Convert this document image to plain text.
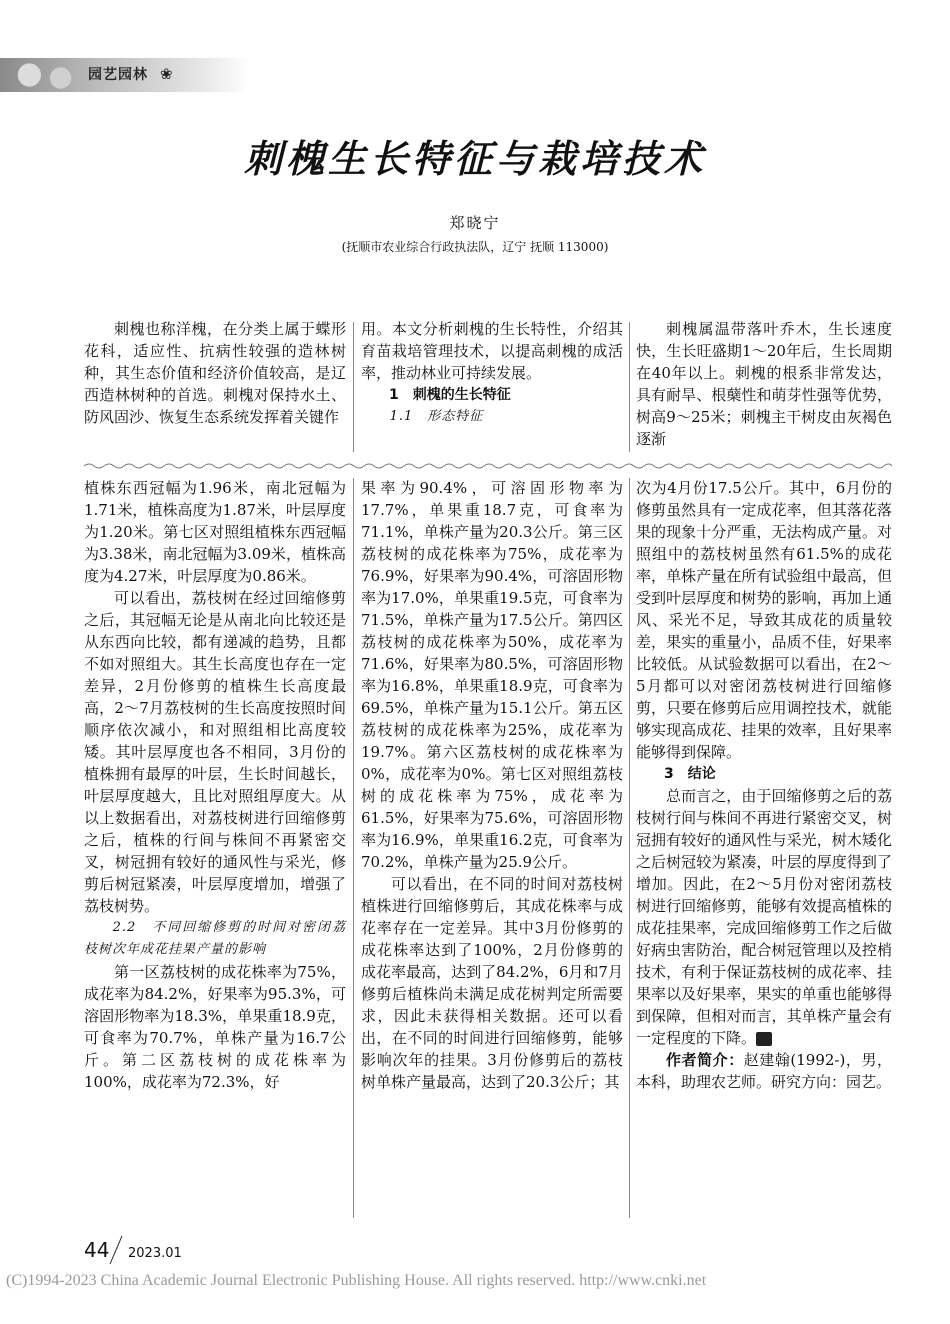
园艺园林 ❀
刺槐生长特征与栽培技术
郑晓宁
(抚顺市农业综合行政执法队，辽宁 抚顺 113000)

刺槐也称洋槐，在分类上属于蝶形花科，适应性、抗病性较强的造林树种，其生态价值和经济价值较高，是辽西造林树种的首选。刺槐对保持水土、防风固沙、恢复生态系统发挥着关键作

用。本文分析刺槐的生长特性，介绍其育苗栽培管理技术，以提高刺槐的成活率，推动林业可持续发展。

1　刺槐的生长特征
1.1　形态特征

刺槐属温带落叶乔木，生长速度快，生长旺盛期1～20年后，生长周期在40年以上。刺槐的根系非常发达，具有耐旱、根蘖性和萌芽性强等优势，树高9～25米；刺槐主干树皮由灰褐色逐渐

植株东西冠幅为1.96米，南北冠幅为1.71米，植株高度为1.87米，叶层厚度为1.20米。第七区对照组植株东西冠幅为3.38米，南北冠幅为3.09米，植株高度为4.27米，叶层厚度为0.86米。

可以看出，荔枝树在经过回缩修剪之后，其冠幅无论是从南北向比较还是从东西向比较，都有递减的趋势，且都不如对照组大。其生长高度也存在一定差异，2月份修剪的植株生长高度最高，2～7月荔枝树的生长高度按照时间顺序依次减小，和对照组相比高度较矮。其叶层厚度也各不相同，3月份的植株拥有最厚的叶层，生长时间越长，叶层厚度越大，且比对照组厚度大。从以上数据看出，对荔枝树进行回缩修剪之后，植株的行间与株间不再紧密交叉，树冠拥有较好的通风性与采光，修剪后树冠紧凑，叶层厚度增加，增强了荔枝树势。

2.2　不同回缩修剪的时间对密闭荔枝树次年成花挂果产量的影响

第一区荔枝树的成花株率为75%，成花率为84.2%，好果率为95.3%，可溶固形物率为18.3%，单果重18.9克，可食率为70.7%，单株产量为16.7公斤。第二区荔枝树的成花株率为100%，成花率为72.3%，好

果率为90.4%，可溶固形物率为17.7%，单果重18.7克，可食率为71.1%，单株产量为20.3公斤。第三区荔枝树的成花株率为75%，成花率为76.9%，好果率为90.4%，可溶固形物率为17.0%，单果重19.5克，可食率为71.5%，单株产量为17.5公斤。第四区荔枝树的成花株率为50%，成花率为71.6%，好果率为80.5%，可溶固形物率为16.8%，单果重18.9克，可食率为69.5%，单株产量为15.1公斤。第五区荔枝树的成花株率为25%，成花率为19.7%。第六区荔枝树的成花株率为0%，成花率为0%。第七区对照组荔枝树的成花株率为75%，成花率为61.5%，好果率为75.6%，可溶固形物率为16.9%，单果重16.2克，可食率为70.2%，单株产量为25.9公斤。

可以看出，在不同的时间对荔枝树植株进行回缩修剪后，其成花株率与成花率存在一定差异。其中3月份修剪的成花株率达到了100%，2月份修剪的成花率最高，达到了84.2%，6月和7月修剪后植株尚未满足成花树判定所需要求，因此未获得相关数据。还可以看出，在不同的时间进行回缩修剪，能够影响次年的挂果。3月份修剪后的荔枝树单株产量最高，达到了20.3公斤；其

次为4月份17.5公斤。其中，6月份的修剪虽然具有一定成花率，但其落花落果的现象十分严重，无法构成产量。对照组中的荔枝树虽然有61.5%的成花率，单株产量在所有试验组中最高，但受到叶层厚度和树势的影响，再加上通风、采光不足，导致其成花的质量较差，果实的重量小，品质不佳，好果率比较低。从试验数据可以看出，在2～5月都可以对密闭荔枝树进行回缩修剪，只要在修剪后应用调控技术，就能够实现高成花、挂果的效率，且好果率能够得到保障。

3　结论

总而言之，由于回缩修剪之后的荔枝树行间与株间不再进行紧密交叉，树冠拥有较好的通风性与采光，树木矮化之后树冠较为紧凑，叶层的厚度得到了增加。因此，在2～5月份对密闭荔枝树进行回缩修剪，能够有效提高植株的成花挂果率，完成回缩修剪工作之后做好病虫害防治，配合树冠管理以及控梢技术，有利于保证荔枝树的成花率、挂果率以及好果率，果实的单重也能够得到保障，但相对而言，其单株产量会有一定程度的下降。	N

作者简介：赵建翰(1992-)，男，本科，助理农艺师。研究方向：园艺。

44 2023.01
(C)1994-2023 China Academic Journal Electronic Publishing House. All rights reserved. http://www.cnki.net
